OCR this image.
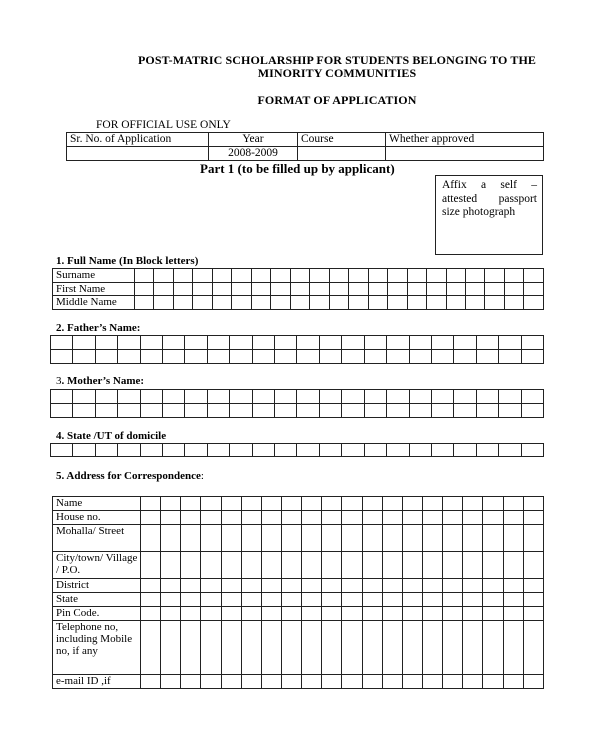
POST-MATRIC SCHOLARSHIP FOR STUDENTS BELONGING TO THE
MINORITY COMMUNITIES
FORMAT OF APPLICATION
FOR OFFICIAL USE ONLY
Sr. No. of Application	Year	Course	Whether approved
	2008-2009		
Part 1 (to be filled up by applicant)
Affix a self – attested passport size photograph
1. Full Name (In Block letters)
Surname																					
First Name																					
Middle Name																					
2. Father’s Name:

3. Mother’s Name:

4. State /UT of domicile

5. Address for Correspondence:
Name																				
House no.																				
Mohalla/ Street																				
City/town/ Village / P.O.																				
District																				
State																				
Pin Code.																				
Telephone no, including Mobile no, if any																				
e-mail ID ,if																				
